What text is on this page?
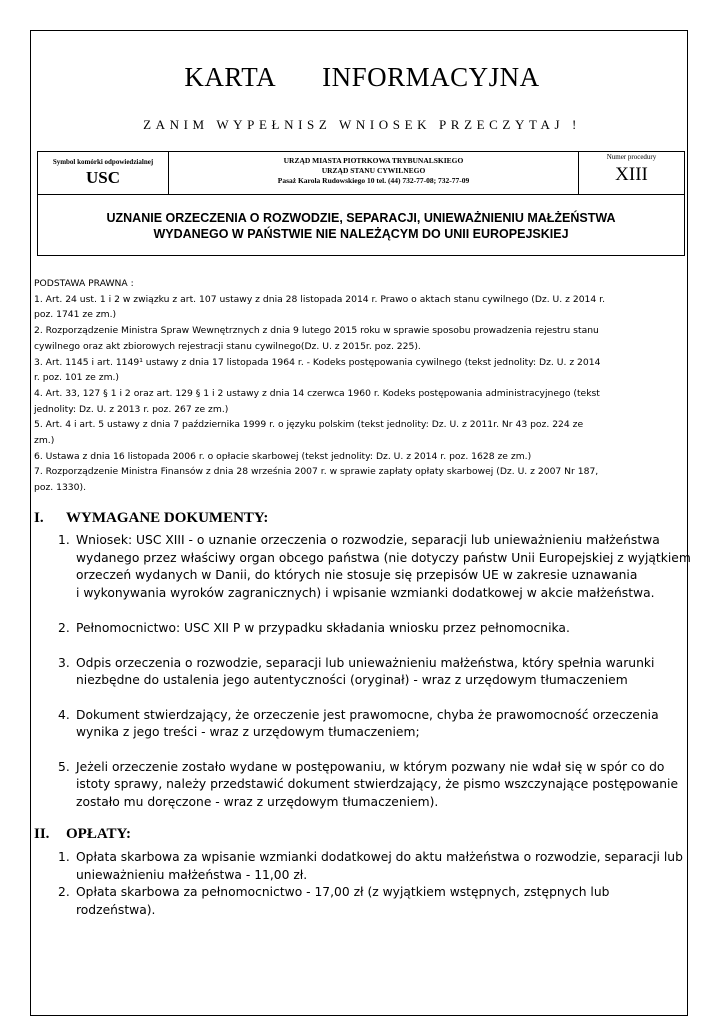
KARTA INFORMACYJNA
ZANIM WYPEŁNISZ WNIOSEK PRZECZYTAJ !
Symbol komórki odpowiedzialnej
USC
URZĄD MIASTA PIOTRKOWA TRYBUNALSKIEGO
URZĄD STANU CYWILNEGO
Pasaż Karola Rudowskiego 10 tel. (44) 732-77-08; 732-77-09
Numer procedury
XIII
UZNANIE ORZECZENIA O ROZWODZIE, SEPARACJI, UNIEWAŻNIENIU MAŁŻEŃSTWA
WYDANEGO W PAŃSTWIE NIE NALEŻĄCYM DO UNII EUROPEJSKIEJ
PODSTAWA PRAWNA :
1. Art. 24 ust. 1 i 2 w związku z art. 107 ustawy z dnia 28 listopada 2014 r. Prawo o aktach stanu cywilnego (Dz. U. z 2014 r.
poz. 1741 ze zm.)
2. Rozporządzenie Ministra Spraw Wewnętrznych z dnia 9 lutego 2015 roku w sprawie sposobu prowadzenia rejestru stanu
cywilnego oraz akt zbiorowych rejestracji stanu cywilnego(Dz. U. z 2015r. poz. 225).
3. Art. 1145 i art. 1149¹ ustawy z dnia 17 listopada 1964 r. - Kodeks postępowania cywilnego (tekst jednolity: Dz. U. z 2014
r. poz. 101 ze zm.)
4. Art. 33, 127 § 1 i 2 oraz art. 129 § 1 i 2 ustawy z dnia 14 czerwca 1960 r. Kodeks postępowania administracyjnego (tekst
jednolity: Dz. U. z 2013 r. poz. 267 ze zm.)
5. Art. 4 i art. 5 ustawy z dnia 7 października 1999 r. o języku polskim (tekst jednolity: Dz. U. z 2011r. Nr 43 poz. 224 ze
zm.)
6. Ustawa z dnia 16 listopada 2006 r. o opłacie skarbowej (tekst jednolity: Dz. U. z 2014 r. poz. 1628 ze zm.)
7. Rozporządzenie Ministra Finansów z dnia 28 września 2007 r. w sprawie zapłaty opłaty skarbowej (Dz. U. z 2007 Nr 187,
poz. 1330).
I. WYMAGANE DOKUMENTY:
1. Wniosek: USC XIII - o uznanie orzeczenia o rozwodzie, separacji lub unieważnieniu małżeństwa
wydanego przez właściwy organ obcego państwa (nie dotyczy państw Unii Europejskiej z wyjątkiem
orzeczeń wydanych w Danii, do których nie stosuje się przepisów UE w zakresie uznawania
i wykonywania wyroków zagranicznych) i wpisanie wzmianki dodatkowej w akcie małżeństwa.
2. Pełnomocnictwo: USC XII P w przypadku składania wniosku przez pełnomocnika.
3. Odpis orzeczenia o rozwodzie, separacji lub unieważnieniu małżeństwa, który spełnia warunki
niezbędne do ustalenia jego autentyczności (oryginał) - wraz z urzędowym tłumaczeniem
4. Dokument stwierdzający, że orzeczenie jest prawomocne, chyba że prawomocność orzeczenia
wynika z jego treści - wraz z urzędowym tłumaczeniem;
5. Jeżeli orzeczenie zostało wydane w postępowaniu, w którym pozwany nie wdał się w spór co do
istoty sprawy, należy przedstawić dokument stwierdzający, że pismo wszczynające postępowanie
zostało mu doręczone - wraz z urzędowym tłumaczeniem).
II. OPŁATY:
1. Opłata skarbowa za wpisanie wzmianki dodatkowej do aktu małżeństwa o rozwodzie, separacji lub
unieważnieniu małżeństwa - 11,00 zł.
2. Opłata skarbowa za pełnomocnictwo - 17,00 zł (z wyjątkiem wstępnych, zstępnych lub
rodzeństwa).
